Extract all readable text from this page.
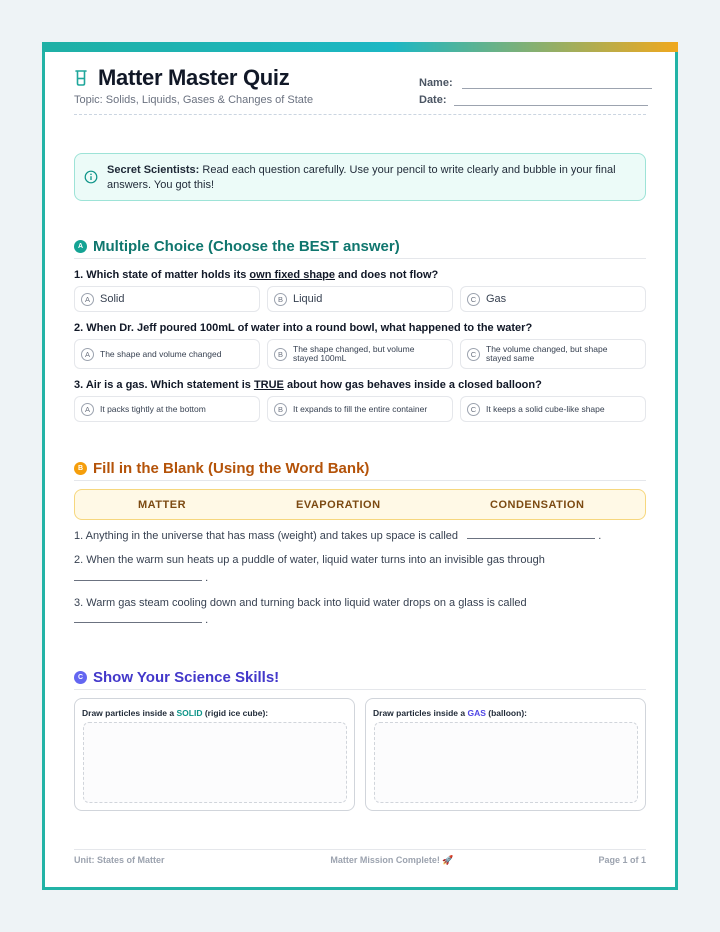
Matter Master Quiz
Topic: Solids, Liquids, Gases & Changes of State
Name:
Date:
Secret Scientists: Read each question carefully. Use your pencil to write clearly and bubble in your final answers. You got this!
A Multiple Choice (Choose the BEST answer)
1. Which state of matter holds its own fixed shape and does not flow?
A Solid	B Liquid	C Gas
2. When Dr. Jeff poured 100mL of water into a round bowl, what happened to the water?
A	The shape and volume changed	B	The shape changed, but volume stayed 100mL	C	The volume changed, but shape stayed same
3. Air is a gas. Which statement is TRUE about how gas behaves inside a closed balloon?
A	It packs tightly at the bottom	B	It expands to fill the entire container	C	It keeps a solid cube-like shape
B Fill in the Blank (Using the Word Bank)
MATTER	EVAPORATION	CONDENSATION
1. Anything in the universe that has mass (weight) and takes up space is called	.
2. When the warm sun heats up a puddle of water, liquid water turns into an invisible gas through
.
3. Warm gas steam cooling down and turning back into liquid water drops on a glass is called
.
C Show Your Science Skills!
Draw particles inside a SOLID (rigid ice cube):	Draw particles inside a GAS (balloon):
Unit: States of Matter	Matter Mission Complete! 🚀	Page 1 of 1
